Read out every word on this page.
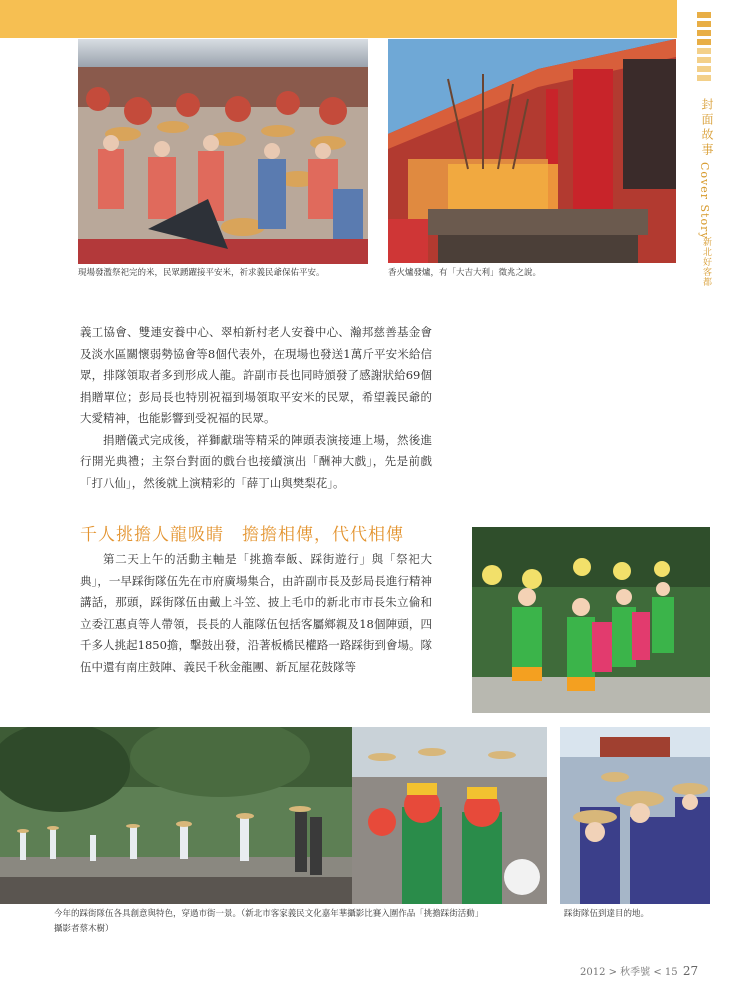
封面故事
Cover Story
新北好客都
現場發濫祭祀完的米，民眾踴躍接平安米，祈求義民爺保佑平安。	香火爐發爐，有「大吉大利」徵兆之說。

義工協會、雙連安養中心、翠柏新村老人安養中心、瀚邦慈善基金會及淡水區關懷弱勢協會等8個代表外，在現場也發送1萬斤平安米給信眾，排隊領取者多到形成人龍。許副市長也同時頒發了感謝狀給69個捐贈單位；彭局長也特別祝福到場領取平安米的民眾，希望義民爺的大愛精神，也能影響到受祝福的民眾。

捐贈儀式完成後，祥獅獻瑞等精采的陣頭表演接連上場，然後進行開光典禮；主祭台對面的戲台也接續演出「酬神大戲」，先是前戲「打八仙」，然後就上演精彩的「薛丁山與樊梨花」。

千人挑擔人龍吸睛　擔擔相傳，代代相傳

第二天上午的活動主軸是「挑擔奉飯、踩街遊行」與「祭祀大典」，一早踩街隊伍先在市府廣場集合，由許副市長及彭局長進行精神講話，那頭，踩街隊伍由戴上斗笠、披上毛巾的新北市市長朱立倫和立委江惠貞等人帶領，長長的人龍隊伍包括客屬鄉親及18個陣頭，四千多人挑起1850擔，擊鼓出發，沿著板橋民權路一路踩街到會場。隊伍中還有南庄鼓陣、義民千秋金龍團、新瓦屋花鼓隊等

今年的踩街隊伍各具創意與特色，穿過市街一景。（新北市客家義民文化嘉年華攝影比賽入圍作品「挑擔踩街活動」
攝影者蔡木樹）
踩街隊伍到達目的地。
2012 > 秋季號 < 15 27
